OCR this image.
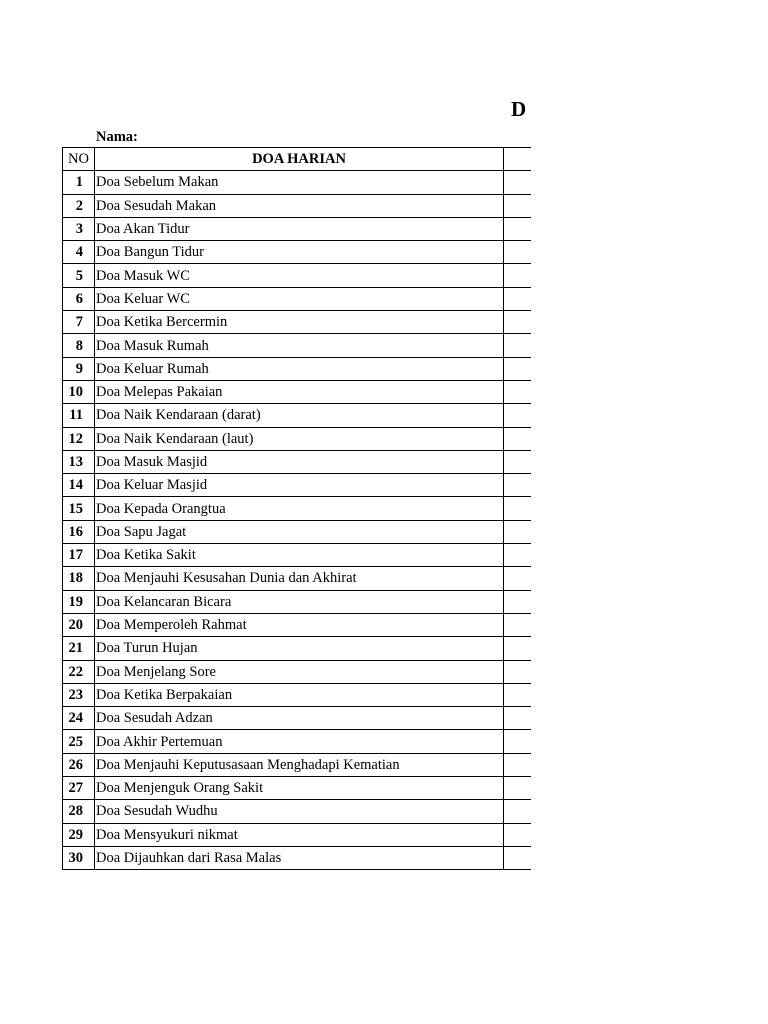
D
Nama:
NO	DOA HARIAN	
1	Doa Sebelum Makan	
2	Doa Sesudah Makan	
3	Doa Akan Tidur	
4	Doa Bangun Tidur	
5	Doa Masuk WC	
6	Doa Keluar WC	
7	Doa Ketika Bercermin	
8	Doa Masuk Rumah	
9	Doa Keluar Rumah	
10	Doa Melepas Pakaian	
11	Doa Naik Kendaraan (darat)	
12	Doa Naik Kendaraan (laut)	
13	Doa Masuk Masjid	
14	Doa Keluar Masjid	
15	Doa Kepada Orangtua	
16	Doa Sapu Jagat	
17	Doa Ketika Sakit	
18	Doa Menjauhi Kesusahan Dunia dan Akhirat	
19	Doa Kelancaran Bicara	
20	Doa Memperoleh Rahmat	
21	Doa Turun Hujan	
22	Doa Menjelang Sore	
23	Doa Ketika Berpakaian	
24	Doa Sesudah Adzan	
25	Doa Akhir Pertemuan	
26	Doa Menjauhi Keputusasaan Menghadapi Kematian	
27	Doa Menjenguk Orang Sakit	
28	Doa Sesudah Wudhu	
29	Doa Mensyukuri nikmat	
30	Doa Dijauhkan dari Rasa Malas	
